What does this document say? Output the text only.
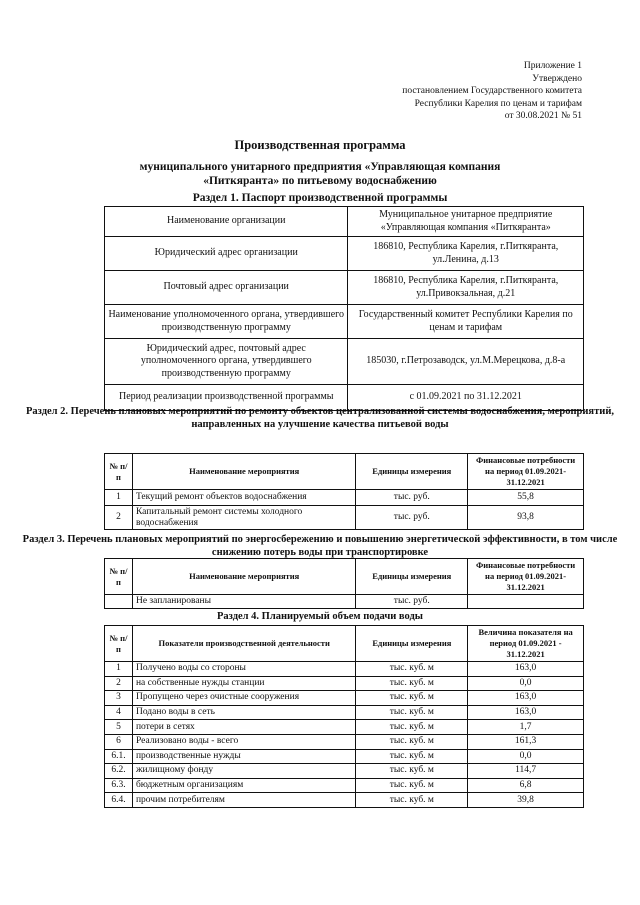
Приложение 1
Утверждено
постановлением Государственного комитета
Республики Карелия по ценам и тарифам
от 30.08.2021 № 51
Производственная программа
муниципального унитарного предприятия «Управляющая компания
«Питкяранта» по питьевому водоснабжению
Раздел 1. Паспорт производственной программы
Наименование организации	Муниципальное унитарное предприятие «Управляющая компания «Питкяранта»
Юридический адрес организации	186810, Республика Карелия, г.Питкяранта, ул.Ленина, д.13
Почтовый адрес организации	186810, Республика Карелия, г.Питкяранта, ул.Привокзальная, д.21
Наименование уполномоченного органа, утвердившего производственную программу	Государственный комитет Республики Карелия по ценам и тарифам
Юридический адрес, почтовый адрес уполномоченного органа, утвердившего производственную программу	185030, г.Петрозаводск, ул.М.Мерецкова, д.8-а
Период реализации производственной программы	с 01.09.2021 по 31.12.2021
Раздел 2. Перечень плановых мероприятий по ремонту объектов централизованной системы водоснабжения, мероприятий, направленных на улучшение качества питьевой воды
№ п/п	Наименование мероприятия	Единицы измерения	Финансовые потребности на период 01.09.2021- 31.12.2021
1	Текущий ремонт объектов водоснабжения	тыс. руб.	55,8
2	Капитальный ремонт системы холодного водоснабжения	тыс. руб.	93,8
Раздел 3. Перечень плановых мероприятий по энергосбережению и повышению энергетической эффективности, в том числе снижению потерь воды при транспортировке
№ п/п	Наименование мероприятия	Единицы измерения	Финансовые потребности на период 01.09.2021- 31.12.2021
	Не запланированы	тыс. руб.	
Раздел 4. Планируемый объем подачи воды
№ п/п	Показатели производственной деятельности	Единицы измерения	Величина показателя на период 01.09.2021 - 31.12.2021
1	Получено воды со стороны	тыс. куб. м	163,0
2	на собственные нужды станции	тыс. куб. м	0,0
3	Пропущено через очистные сооружения	тыс. куб. м	163,0
4	Подано воды в сеть	тыс. куб. м	163,0
5	потери в сетях	тыс. куб. м	1,7
6	Реализовано воды - всего	тыс. куб. м	161,3
6.1.	производственные нужды	тыс. куб. м	0,0
6.2.	жилищному фонду	тыс. куб. м	114,7
6.3.	бюджетным организациям	тыс. куб. м	6,8
6.4.	прочим потребителям	тыс. куб. м	39,8
